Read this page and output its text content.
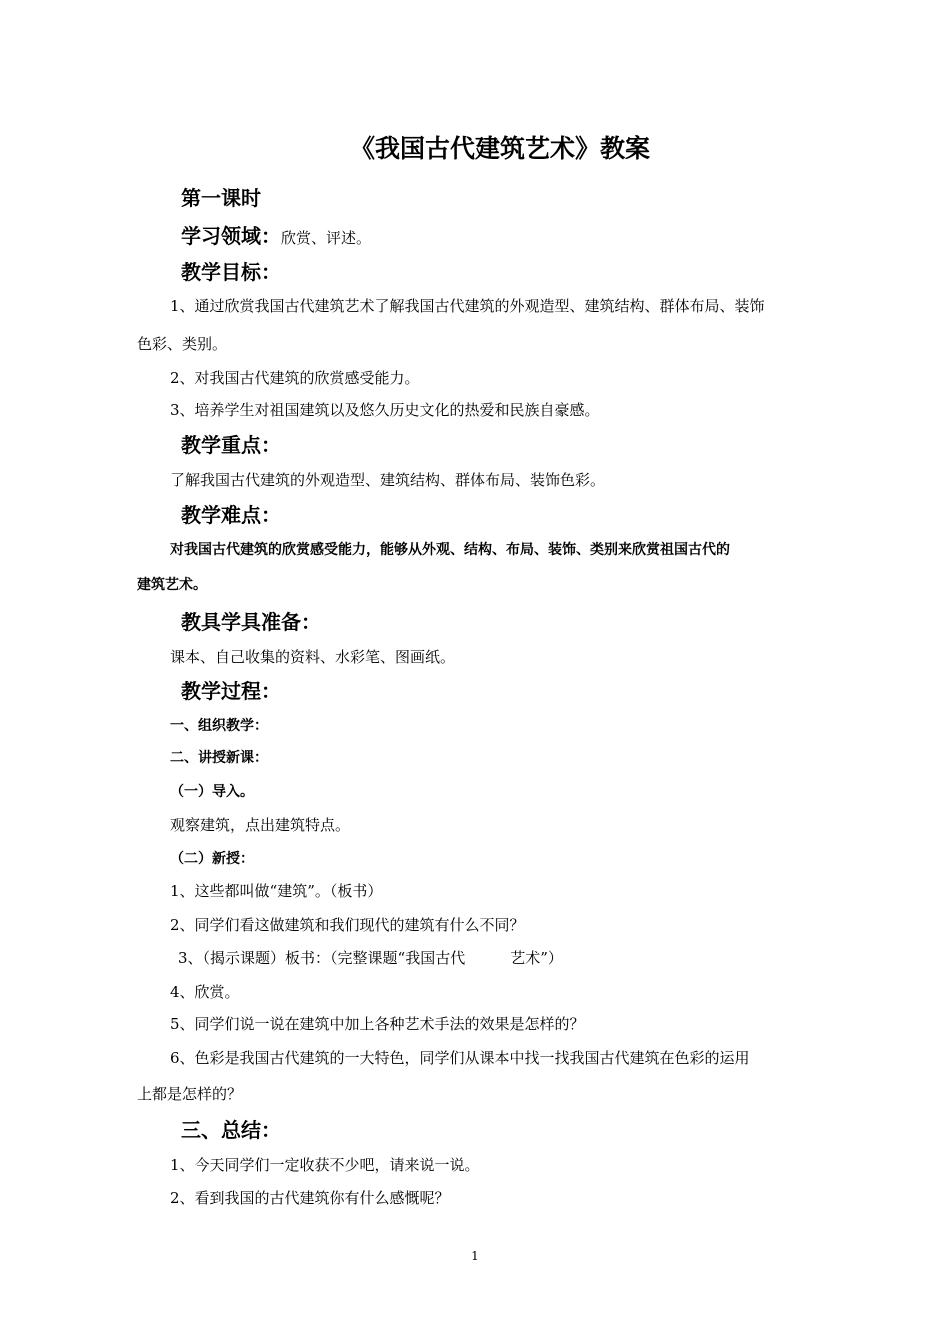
《我国古代建筑艺术》教案
第一课时
学习领域：欣赏、评述。
教学目标：
1、通过欣赏我国古代建筑艺术了解我国古代建筑的外观造型、建筑结构、群体布局、装饰
色彩、类别。
2、对我国古代建筑的欣赏感受能力。
3、培养学生对祖国建筑以及悠久历史文化的热爱和民族自豪感。
教学重点：
了解我国古代建筑的外观造型、建筑结构、群体布局、装饰色彩。
教学难点：
对我国古代建筑的欣赏感受能力，能够从外观、结构、布局、装饰、类别来欣赏祖国古代的
建筑艺术。
教具学具准备：
课本、自己收集的资料、水彩笔、图画纸。
教学过程：
一、组织教学：
二、讲授新课：
（一）导入。
观察建筑，点出建筑特点。
（二）新授：
1、这些都叫做“建筑”。（板书）
2、同学们看这做建筑和我们现代的建筑有什么不同？
3、（揭示课题）板书：（完整课题“我国古代　　　艺术”）
4、欣赏。
5、同学们说一说在建筑中加上各种艺术手法的效果是怎样的？
6、色彩是我国古代建筑的一大特色，同学们从课本中找一找我国古代建筑在色彩的运用
上都是怎样的？
三、总结：
1、今天同学们一定收获不少吧，请来说一说。
2、看到我国的古代建筑你有什么感慨呢？
1
